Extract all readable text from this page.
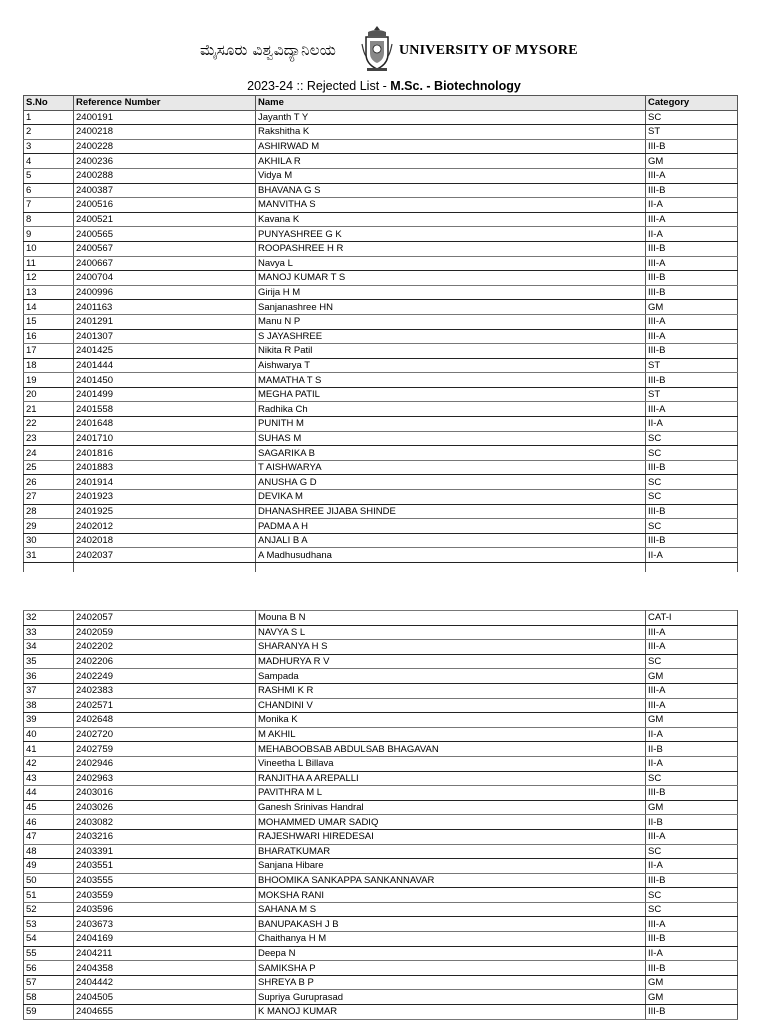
ಮೈಸೂರು ವಿಶ್ವವಿದ್ಯಾನಿಲಯ	UNIVERSITY OF MYSORE
2023-24 :: Rejected List - M.Sc. - Biotechnology
S.No	Reference Number	Name	Category
1	2400191	Jayanth T Y	SC
2	2400218	Rakshitha K	ST
3	2400228	ASHIRWAD M	III-B
4	2400236	AKHILA R	GM
5	2400288	Vidya M	III-A
6	2400387	BHAVANA G S	III-B
7	2400516	MANVITHA S	II-A
8	2400521	Kavana K	III-A
9	2400565	PUNYASHREE G K	II-A
10	2400567	ROOPASHREE H R	III-B
11	2400667	Navya L	III-A
12	2400704	MANOJ KUMAR T S	III-B
13	2400996	Girija H M	III-B
14	2401163	Sanjanashree HN	GM
15	2401291	Manu N P	III-A
16	2401307	S JAYASHREE	III-A
17	2401425	Nikita R Patil	III-B
18	2401444	Aishwarya T	ST
19	2401450	MAMATHA T S	III-B
20	2401499	MEGHA PATIL	ST
21	2401558	Radhika Ch	III-A
22	2401648	PUNITH M	II-A
23	2401710	SUHAS M	SC
24	2401816	SAGARIKA B	SC
25	2401883	T AISHWARYA	III-B
26	2401914	ANUSHA G D	SC
27	2401923	DEVIKA M	SC
28	2401925	DHANASHREE JIJABA SHINDE	III-B
29	2402012	PADMA A H	SC
30	2402018	ANJALI B A	III-B
31	2402037	A Madhusudhana	II-A

32	2402057	Mouna B N	CAT-I
33	2402059	NAVYA S L	III-A
34	2402202	SHARANYA H S	III-A
35	2402206	MADHURYA R V	SC
36	2402249	Sampada	GM
37	2402383	RASHMI K R	III-A
38	2402571	CHANDINI V	III-A
39	2402648	Monika K	GM
40	2402720	M AKHIL	II-A
41	2402759	MEHABOOBSAB ABDULSAB BHAGAVAN	II-B
42	2402946	Vineetha L Billava	II-A
43	2402963	RANJITHA A AREPALLI	SC
44	2403016	PAVITHRA M L	III-B
45	2403026	Ganesh Srinivas Handral	GM
46	2403082	MOHAMMED UMAR SADIQ	II-B
47	2403216	RAJESHWARI HIREDESAI	III-A
48	2403391	BHARATKUMAR	SC
49	2403551	Sanjana Hibare	II-A
50	2403555	BHOOMIKA SANKAPPA SANKANNAVAR	III-B
51	2403559	MOKSHA RANI	SC
52	2403596	SAHANA M S	SC
53	2403673	BANUPAKASH J B	III-A
54	2404169	Chaithanya H M	III-B
55	2404211	Deepa N	II-A
56	2404358	SAMIKSHA P	III-B
57	2404442	SHREYA B P	GM
58	2404505	Supriya Guruprasad	GM
59	2404655	K MANOJ KUMAR	III-B
